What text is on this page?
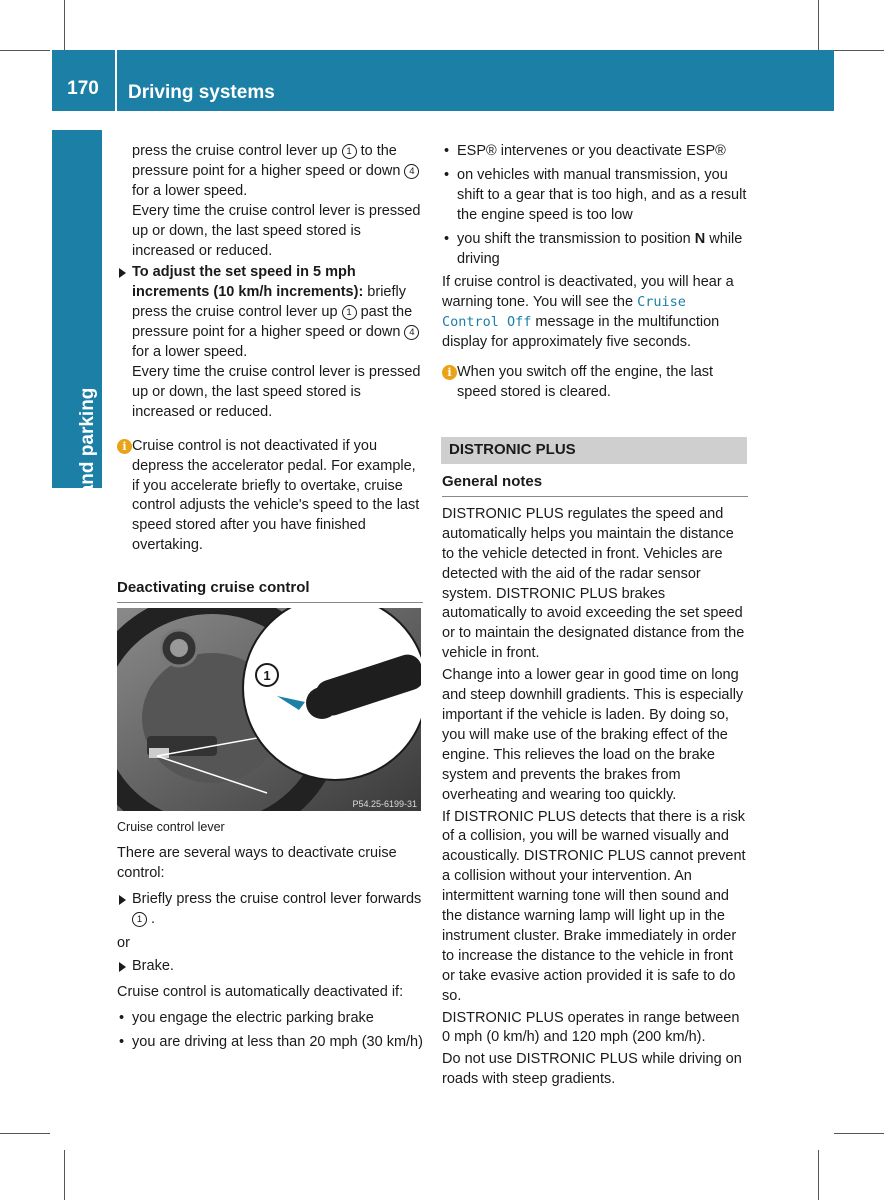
170	Driving systems
Driving and parking

press the cruise control lever up 1 to the pressure point for a higher speed or down 4 for a lower speed.

Every time the cruise control lever is pressed up or down, the last speed stored is increased or reduced.

To adjust the set speed in 5 mph increments (10 km/h increments): briefly press the cruise control lever up 1 past the pressure point for a higher speed or down 4 for a lower speed.

Every time the cruise control lever is pressed up or down, the last speed stored is increased or reduced.

i Cruise control is not deactivated if you depress the accelerator pedal. For example, if you accelerate briefly to overtake, cruise control adjusts the vehicle's speed to the last speed stored after you have finished overtaking.

Deactivating cruise control

1
P54.25-6199-31

Cruise control lever

There are several ways to deactivate cruise control:

Briefly press the cruise control lever forwards 1 .

or

Brake.

Cruise control is automatically deactivated if:

• you engage the electric parking brake

• you are driving at less than 20 mph (30 km/h)

• ESP® intervenes or you deactivate ESP®

• on vehicles with manual transmission, you shift to a gear that is too high, and as a result the engine speed is too low

• you shift the transmission to position N while driving

If cruise control is deactivated, you will hear a warning tone. You will see the Cruise Control Off message in the multifunction display for approximately five seconds.

i When you switch off the engine, the last speed stored is cleared.

DISTRONIC PLUS

General notes

DISTRONIC PLUS regulates the speed and automatically helps you maintain the distance to the vehicle detected in front. Vehicles are detected with the aid of the radar sensor system. DISTRONIC PLUS brakes automatically to avoid exceeding the set speed or to maintain the designated distance from the vehicle in front.

Change into a lower gear in good time on long and steep downhill gradients. This is especially important if the vehicle is laden. By doing so, you will make use of the braking effect of the engine. This relieves the load on the brake system and prevents the brakes from overheating and wearing too quickly.

If DISTRONIC PLUS detects that there is a risk of a collision, you will be warned visually and acoustically. DISTRONIC PLUS cannot prevent a collision without your intervention. An intermittent warning tone will then sound and the distance warning lamp will light up in the instrument cluster. Brake immediately in order to increase the distance to the vehicle in front or take evasive action provided it is safe to do so.

DISTRONIC PLUS operates in range between 0 mph (0 km/h) and 120 mph (200 km/h).

Do not use DISTRONIC PLUS while driving on roads with steep gradients.
